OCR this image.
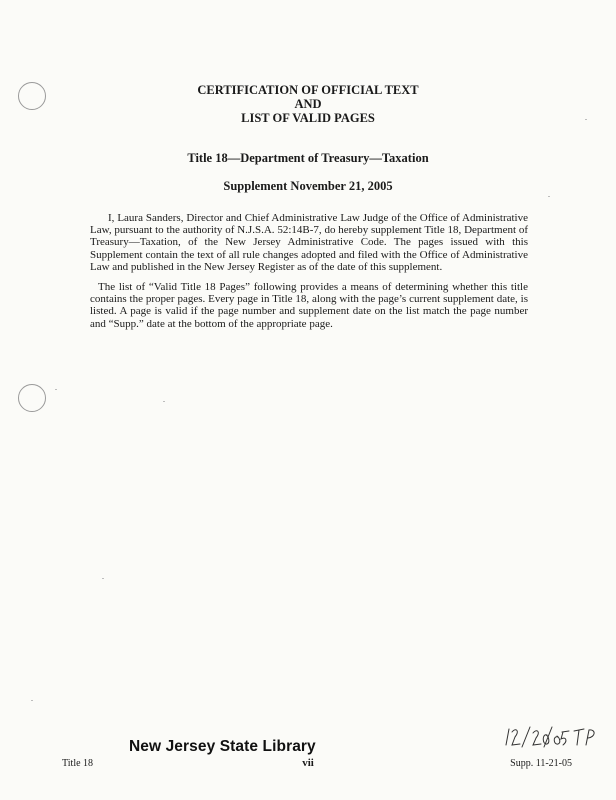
CERTIFICATION OF OFFICIAL TEXT
AND
LIST OF VALID PAGES
Title 18—Department of Treasury—Taxation
Supplement November 21, 2005

I, Laura Sanders, Director and Chief Administrative Law Judge of the Office of Administrative Law, pursuant to the authority of N.J.S.A. 52:14B-7, do hereby supplement Title 18, Department of Treasury—Taxation, of the New Jersey Administrative Code. The pages issued with this Supplement contain the text of all rule changes adopted and filed with the Office of Administrative Law and published in the New Jersey Register as of the date of this supplement.

The list of “Valid Title 18 Pages” following provides a means of determining whether this title contains the proper pages. Every page in Title 18, along with the page’s current supplement date, is listed. A page is valid if the page number and supplement date on the list match the page number and “Supp.” date at the bottom of the appropriate page.

New Jersey State Library
Title 18	vii	Supp. 11-21-05
